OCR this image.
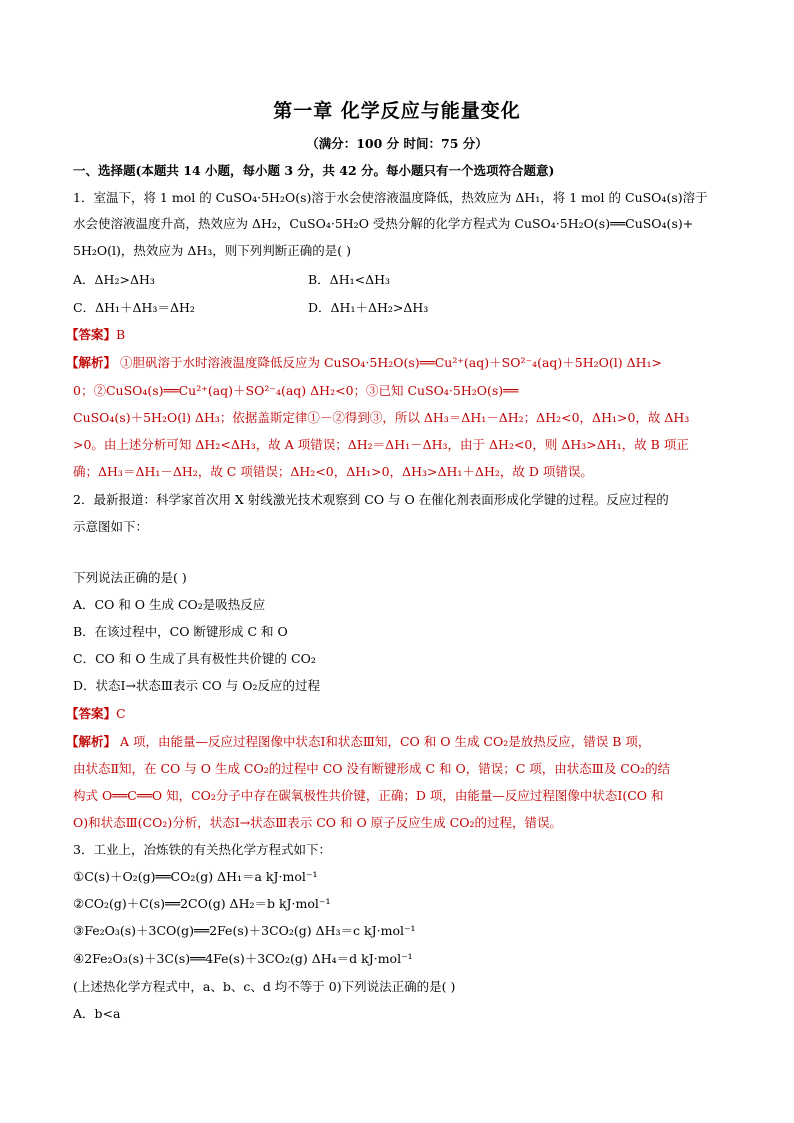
第一章 化学反应与能量变化
（满分：100 分 时间：75 分）
一、选择题(本题共 14 小题，每小题 3 分，共 42 分。每小题只有一个选项符合题意)
1．室温下，将 1 mol 的 CuSO₄·5H₂O(s)溶于水会使溶液温度降低，热效应为 ΔH₁，将 1 mol 的 CuSO₄(s)溶于
水会使溶液温度升高，热效应为 ΔH₂，CuSO₄·5H₂O 受热分解的化学方程式为 CuSO₄·5H₂O(s)══CuSO₄(s)+
5H₂O(l)，热效应为 ΔH₃，则下列判断正确的是( )
A．ΔH₂>ΔH₃	B．ΔH₁<ΔH₃
C．ΔH₁＋ΔH₃＝ΔH₂	D．ΔH₁＋ΔH₂>ΔH₃
【答案】B
【解析】 ①胆矾溶于水时溶液温度降低反应为 CuSO₄·5H₂O(s)══Cu²⁺(aq)＋SO²⁻₄(aq)＋5H₂O(l) ΔH₁>
0；②CuSO₄(s)══Cu²⁺(aq)＋SO²⁻₄(aq) ΔH₂<0；③已知 CuSO₄·5H₂O(s)══
CuSO₄(s)＋5H₂O(l) ΔH₃；依据盖斯定律①－②得到③，所以 ΔH₃＝ΔH₁－ΔH₂；ΔH₂<0，ΔH₁>0，故 ΔH₃
>0。由上述分析可知 ΔH₂<ΔH₃，故 A 项错误；ΔH₂＝ΔH₁－ΔH₃，由于 ΔH₂<0，则 ΔH₃>ΔH₁，故 B 项正
确；ΔH₃＝ΔH₁－ΔH₂，故 C 项错误；ΔH₂<0，ΔH₁>0，ΔH₃>ΔH₁＋ΔH₂，故 D 项错误。
2．最新报道：科学家首次用 X 射线激光技术观察到 CO 与 O 在催化剂表面形成化学键的过程。反应过程的
示意图如下：
下列说法正确的是( )
A．CO 和 O 生成 CO₂是吸热反应
B．在该过程中，CO 断键形成 C 和 O
C．CO 和 O 生成了具有极性共价键的 CO₂
D．状态Ⅰ→状态Ⅲ表示 CO 与 O₂反应的过程
【答案】C
【解析】 A 项，由能量—反应过程图像中状态Ⅰ和状态Ⅲ知，CO 和 O 生成 CO₂是放热反应，错误 B 项，
由状态Ⅱ知，在 CO 与 O 生成 CO₂的过程中 CO 没有断键形成 C 和 O，错误；C 项，由状态Ⅲ及 CO₂的结
构式 O══C══O 知，CO₂分子中存在碳氧极性共价键，正确；D 项，由能量—反应过程图像中状态Ⅰ(CO 和
O)和状态Ⅲ(CO₂)分析，状态Ⅰ→状态Ⅲ表示 CO 和 O 原子反应生成 CO₂的过程，错误。
3．工业上，冶炼铁的有关热化学方程式如下：
①C(s)＋O₂(g)══CO₂(g) ΔH₁＝a kJ·mol⁻¹
②CO₂(g)＋C(s)══2CO(g) ΔH₂＝b kJ·mol⁻¹
③Fe₂O₃(s)＋3CO(g)══2Fe(s)＋3CO₂(g) ΔH₃＝c kJ·mol⁻¹
④2Fe₂O₃(s)＋3C(s)══4Fe(s)＋3CO₂(g) ΔH₄＝d kJ·mol⁻¹
(上述热化学方程式中，a、b、c、d 均不等于 0)下列说法正确的是( )
A．b<a
